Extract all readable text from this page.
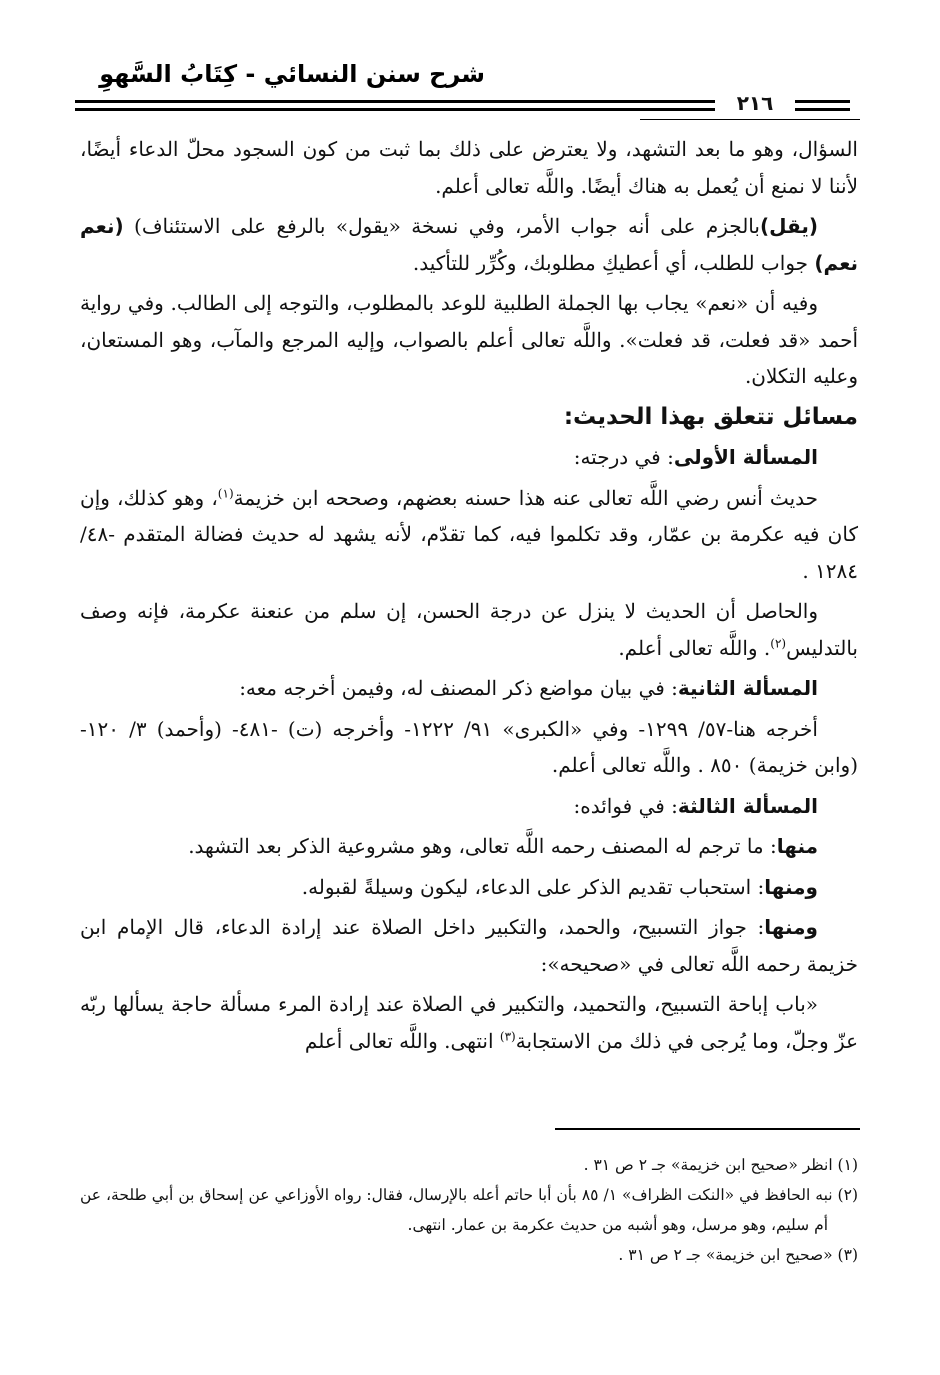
شرح سنن النسائي - كِتَابُ السَّهوِ
٢١٦

السؤال، وهو ما بعد التشهد، ولا يعترض على ذلك بما ثبت من كون السجود محلّ الدعاء أيضًا، لأننا لا نمنع أن يُعمل به هناك أيضًا. واللَّه تعالى أعلم.

(يقل)بالجزم على أنه جواب الأمر، وفي نسخة «يقول» بالرفع على الاستئناف) (نعم نعم) جواب للطلب، أي أعطيكِ مطلوبك، وكُرِّر للتأكيد.

وفيه أن «نعم» يجاب بها الجملة الطلبية للوعد بالمطلوب، والتوجه إلى الطالب. وفي رواية أحمد «قد فعلت، قد فعلت». واللَّه تعالى أعلم بالصواب، وإليه المرجع والمآب، وهو المستعان، وعليه التكلان.

مسائل تتعلق بهذا الحديث:

المسألة الأولى: في درجته:

حديث أنس رضي اللَّه تعالى عنه هذا حسنه بعضهم، وصححه ابن خزيمة$^{(١)}$، وهو كذلك، وإن كان فيه عكرمة بن عمّار، وقد تكلموا فيه، كما تقدّم، لأنه يشهد له حديث فضالة المتقدم -٤٨/ ١٢٨٤ .

والحاصل أن الحديث لا ينزل عن درجة الحسن، إن سلم من عنعنة عكرمة، فإنه وصف بالتدليس$^{(٢)}$. واللَّه تعالى أعلم.

المسألة الثانية: في بيان مواضع ذكر المصنف له، وفيمن أخرجه معه:

أخرجه هنا-٥٧/ ١٢٩٩- وفي «الكبرى» ٩١/ ١٢٢٢- وأخرجه (ت) -٤٨١- (وأحمد) ٣/ ١٢٠- (وابن خزيمة) ٨٥٠ . واللَّه تعالى أعلم.

المسألة الثالثة: في فوائده:

منها: ما ترجم له المصنف رحمه اللَّه تعالى، وهو مشروعية الذكر بعد التشهد.

ومنها: استحباب تقديم الذكر على الدعاء، ليكون وسيلةً لقبوله.

ومنها: جواز التسبيح، والحمد، والتكبير داخل الصلاة عند إرادة الدعاء، قال الإمام ابن خزيمة رحمه اللَّه تعالى في «صحيحه»:

«باب إباحة التسبيح، والتحميد، والتكبير في الصلاة عند إرادة المرء مسألة حاجة يسألها ربّه عزّ وجلّ، وما يُرجى في ذلك من الاستجابة$^{(٣)}$ انتهى. واللَّه تعالى أعلم

(١) انظر «صحيح ابن خزيمة» جـ ٢ ص ٣١ .

(٢) نبه الحافظ في «النكت الظراف» ١/ ٨٥ بأن أبا حاتم أعله بالإرسال، فقال: رواه الأوزاعي عن إسحاق بن أبي طلحة، عن أم سليم، وهو مرسل، وهو أشبه من حديث عكرمة بن عمار. انتهى.

(٣) «صحيح ابن خزيمة» جـ ٢ ص ٣١ .
